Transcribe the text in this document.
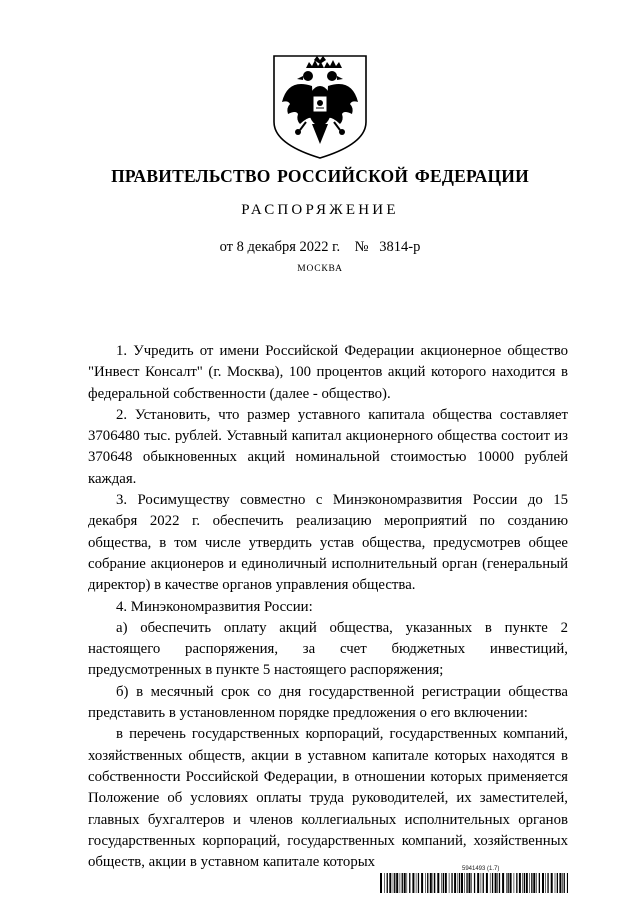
ПРАВИТЕЛЬСТВО РОССИЙСКОЙ ФЕДЕРАЦИИ
РАСПОРЯЖЕНИЕ
от 8 декабря 2022 г. № 3814-р
МОСКВА

1. Учредить от имени Российской Федерации акционерное общество "Инвест Консалт" (г. Москва), 100 процентов акций которого находится в федеральной собственности (далее - общество).

2. Установить, что размер уставного капитала общества составляет 3706480 тыс. рублей. Уставный капитал акционерного общества состоит из 370648 обыкновенных акций номинальной стоимостью 10000 рублей каждая.

3. Росимуществу совместно с Минэкономразвития России до 15 декабря 2022 г. обеспечить реализацию мероприятий по созданию общества, в том числе утвердить устав общества, предусмотрев общее собрание акционеров и единоличный исполнительный орган (генеральный директор) в качестве органов управления общества.

4. Минэкономразвития России:

а) обеспечить оплату акций общества, указанных в пункте 2 настоящего распоряжения, за счет бюджетных инвестиций, предусмотренных в пункте 5 настоящего распоряжения;

б) в месячный срок со дня государственной регистрации общества представить в установленном порядке предложения о его включении:

в перечень государственных корпораций, государственных компаний, хозяйственных обществ, акции в уставном капитале которых находятся в собственности Российской Федерации, в отношении которых применяется Положение об условиях оплаты труда руководителей, их заместителей, главных бухгалтеров и членов коллегиальных исполнительных органов государственных корпораций, государственных компаний, хозяйственных обществ, акции в уставном капитале которых	5941493 (1.7)
